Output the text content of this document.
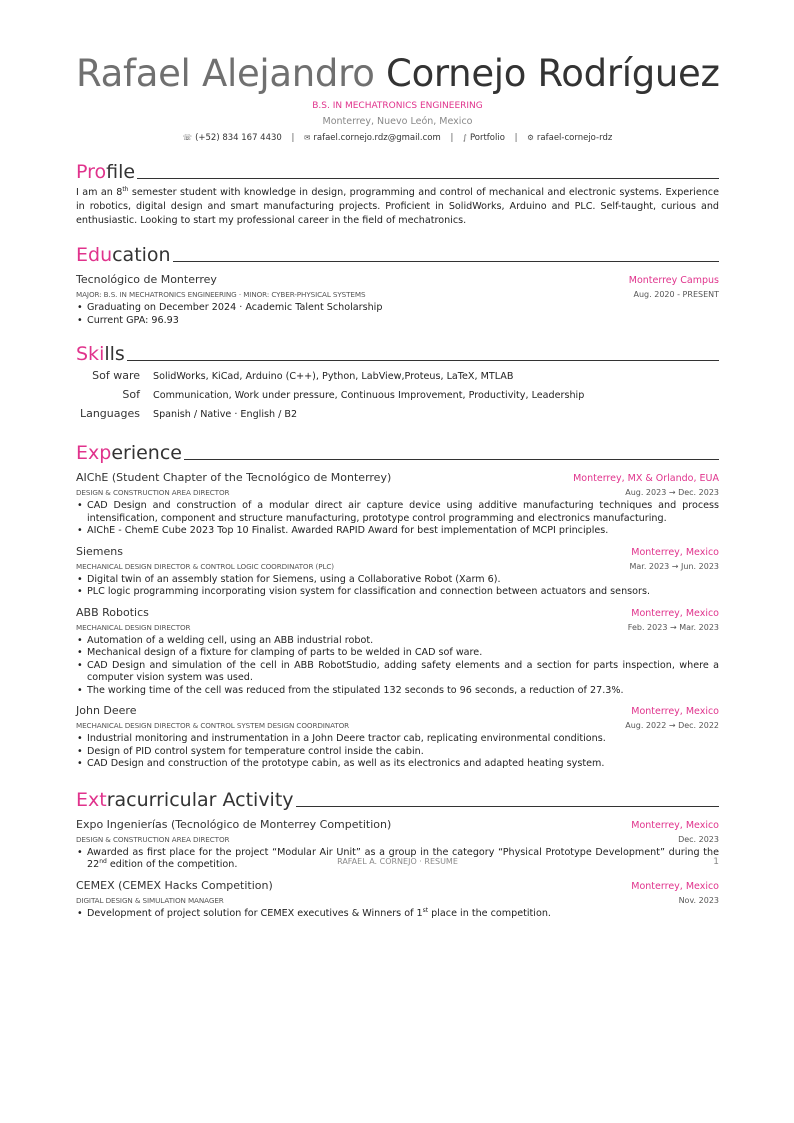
Rafael Alejandro Cornejo Rodríguez
B.S. IN MECHATRONICS ENGINEERING
Monterrey, Nuevo León, Mexico
☏ (+52) 834 167 4430 | ✉ rafael.cornejo.rdz@gmail.com | ∫ Portfolio | ⚙ rafael-cornejo-rdz
Profile
I am an 8th semester student with knowledge in design, programming and control of mechanical and electronic systems. Experience in robotics, digital design and smart manufacturing projects. Proficient in SolidWorks, Arduino and PLC. Self-taught, curious and enthusiastic. Looking to start my professional career in the field of mechatronics.
Education
Tecnológico de Monterrey	Monterrey Campus
MAJOR: B.S. IN MECHATRONICS ENGINEERING · MINOR: CYBER-PHYSICAL SYSTEMS	Aug. 2020 - PRESENT
• Graduating on December 2024 · Academic Talent Scholarship
• Current GPA: 96.93
Skills
Sof ware	SolidWorks, KiCad, Arduino (C++), Python, LabView,Proteus, LaTeX, MTLAB
Sof	Communication, Work under pressure, Continuous Improvement, Productivity, Leadership
Languages	Spanish / Native · English / B2
Experience
AIChE (Student Chapter of the Tecnológico de Monterrey)	Monterrey, MX & Orlando, EUA
DESIGN & CONSTRUCTION AREA DIRECTOR	Aug. 2023 → Dec. 2023
• CAD Design and construction of a modular direct air capture device using additive manufacturing techniques and process intensification, component and structure manufacturing, prototype control programming and electronics manufacturing.
• AIChE - ChemE Cube 2023 Top 10 Finalist. Awarded RAPID Award for best implementation of MCPI principles.
Siemens	Monterrey, Mexico
MECHANICAL DESIGN DIRECTOR & CONTROL LOGIC COORDINATOR (PLC)	Mar. 2023 → Jun. 2023
• Digital twin of an assembly station for Siemens, using a Collaborative Robot (Xarm 6).
• PLC logic programming incorporating vision system for classification and connection between actuators and sensors.
ABB Robotics	Monterrey, Mexico
MECHANICAL DESIGN DIRECTOR	Feb. 2023 → Mar. 2023
• Automation of a welding cell, using an ABB industrial robot.
• Mechanical design of a fixture for clamping of parts to be welded in CAD sof ware.
• CAD Design and simulation of the cell in ABB RobotStudio, adding safety elements and a section for parts inspection, where a computer vision system was used.
• The working time of the cell was reduced from the stipulated 132 seconds to 96 seconds, a reduction of 27.3%.
John Deere	Monterrey, Mexico
MECHANICAL DESIGN DIRECTOR & CONTROL SYSTEM DESIGN COORDINATOR	Aug. 2022 → Dec. 2022
• Industrial monitoring and instrumentation in a John Deere tractor cab, replicating environmental conditions.
• Design of PID control system for temperature control inside the cabin.
• CAD Design and construction of the prototype cabin, as well as its electronics and adapted heating system.
Extracurricular Activity
Expo Ingenierías (Tecnológico de Monterrey Competition)	Monterrey, Mexico
DESIGN & CONSTRUCTION AREA DIRECTOR	Dec. 2023
• Awarded as first place for the project “Modular Air Unit” as a group in the category “Physical Prototype Development” during the 22nd edition of the competition.
CEMEX (CEMEX Hacks Competition)	Monterrey, Mexico
DIGITAL DESIGN & SIMULATION MANAGER	Nov. 2023
• Development of project solution for CEMEX executives & Winners of 1st place in the competition.
RAFAEL A. CORNEJO · RESUME	1
